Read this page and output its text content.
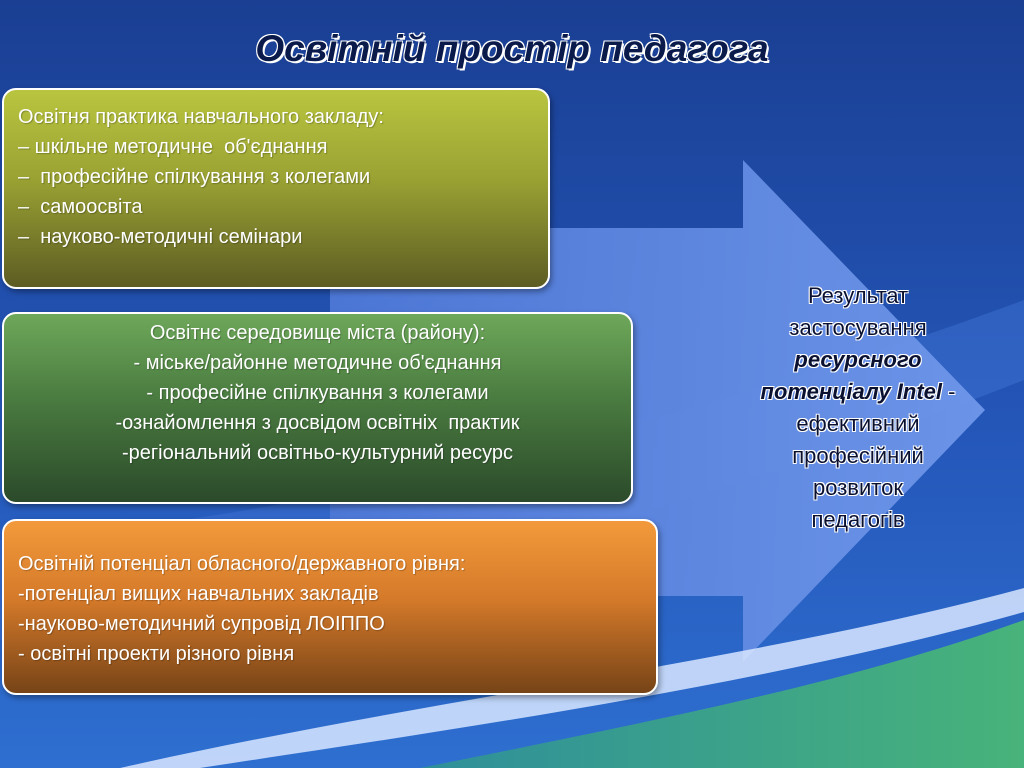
Освітній простір педагога
Освітня практика навчального закладу:
– шкільне методичне  об'єднання
–  професійне спілкування з колегами
–  самоосвіта
–  науково-методичні семінари
Освітнє середовище міста (району):
- міське/районне методичне об'єднання
- професійне спілкування з колегами
-ознайомлення з досвідом освітніх  практик
-регіональний освітньо-культурний ресурс
Освітній потенціал обласного/державного рівня:
-потенціал вищих навчальних закладів
-науково-методичний супровід ЛОІППО
- освітні проекти різного рівня
Результат
застосування
ресурсного
потенціалу Intel -
ефективний
професійний
розвиток
педагогів
